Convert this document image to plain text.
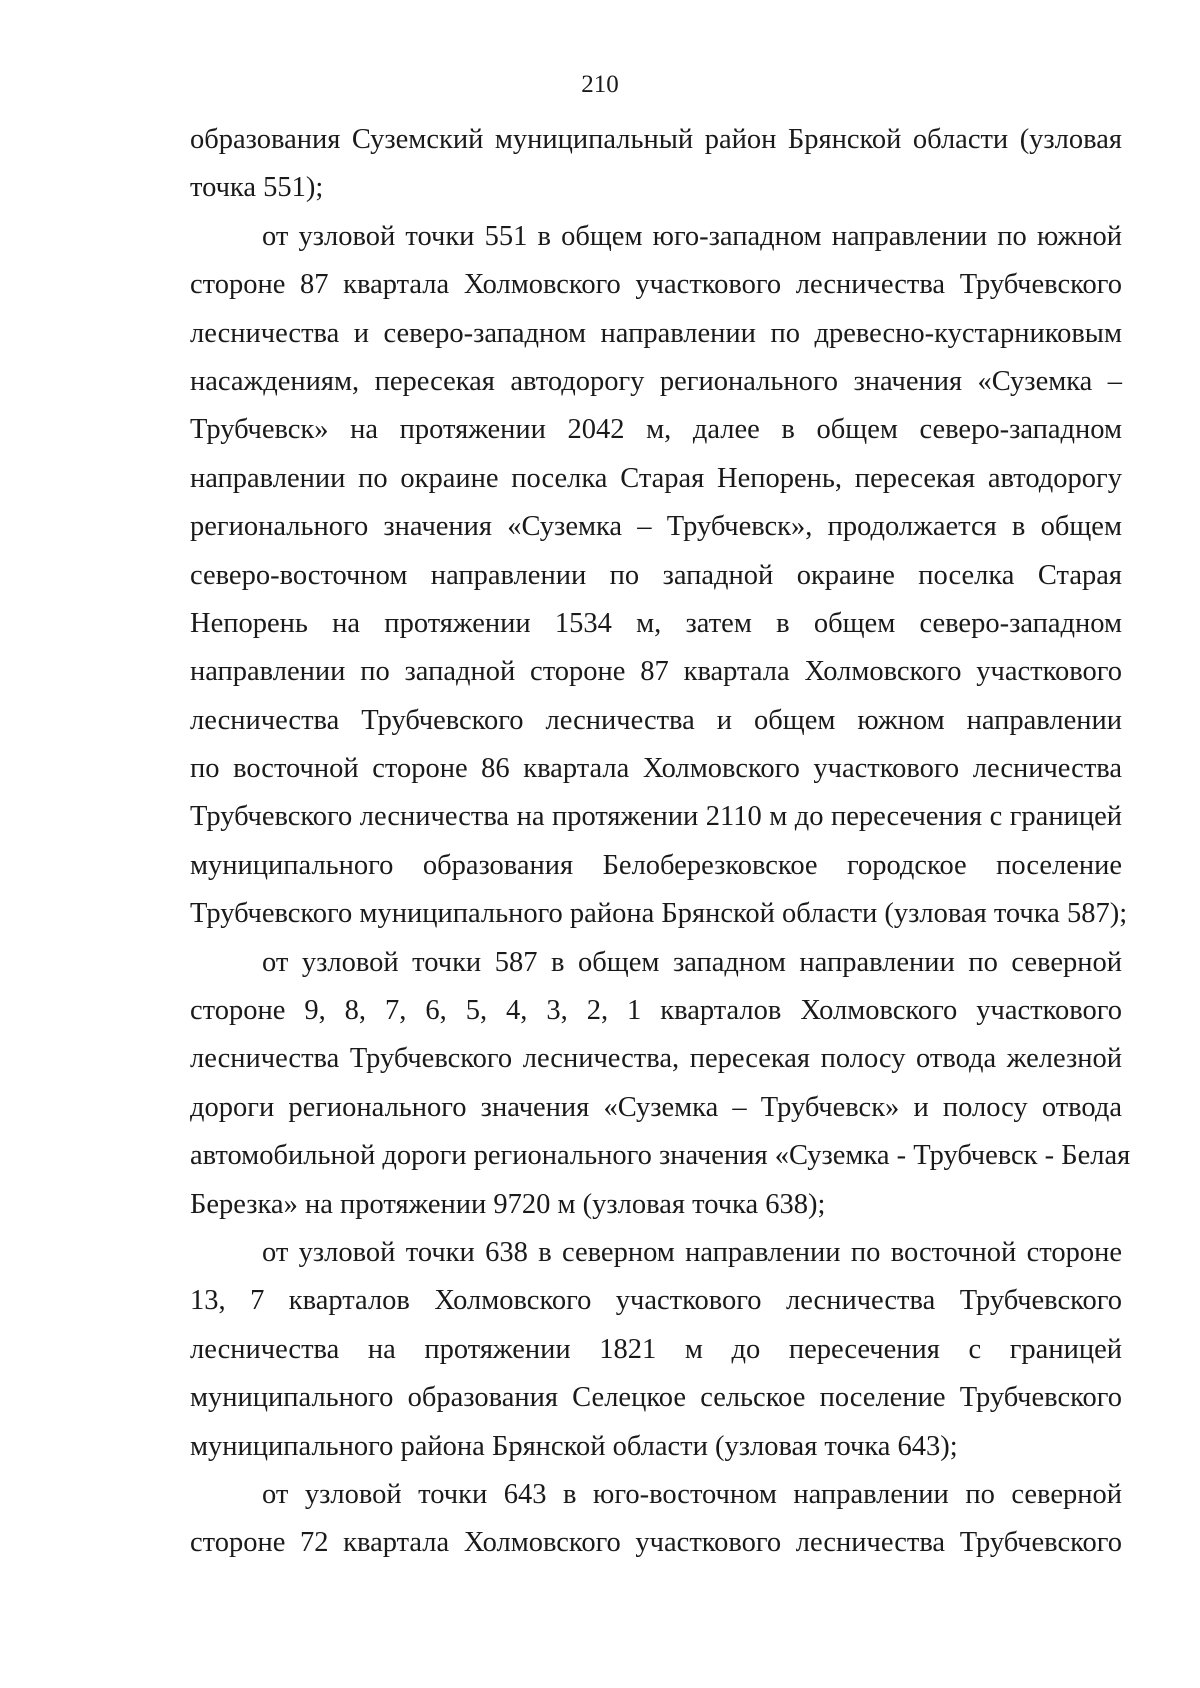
210
образования Суземский муниципальный район Брянской области (узловая
точка 551);
от узловой точки 551 в общем юго-западном направлении по южной
стороне 87 квартала Холмовского участкового лесничества Трубчевского
лесничества и северо-западном направлении по древесно-кустарниковым
насаждениям, пересекая автодорогу регионального значения «Суземка –
Трубчевск» на протяжении 2042 м, далее в общем северо-западном
направлении по окраине поселка Старая Непорень, пересекая автодорогу
регионального значения «Суземка – Трубчевск», продолжается в общем
северо-восточном направлении по западной окраине поселка Старая
Непорень на протяжении 1534 м, затем в общем северо-западном
направлении по западной стороне 87 квартала Холмовского участкового
лесничества Трубчевского лесничества и общем южном направлении
по восточной стороне 86 квартала Холмовского участкового лесничества
Трубчевского лесничества на протяжении 2110 м до пересечения с границей
муниципального образования Белоберезковское городское поселение
Трубчевского муниципального района Брянской области (узловая точка 587);
от узловой точки 587 в общем западном направлении по северной
стороне 9, 8, 7, 6, 5, 4, 3, 2, 1 кварталов Холмовского участкового
лесничества Трубчевского лесничества, пересекая полосу отвода железной
дороги регионального значения «Суземка – Трубчевск» и полосу отвода
автомобильной дороги регионального значения «Суземка - Трубчевск - Белая
Березка» на протяжении 9720 м (узловая точка 638);
от узловой точки 638 в северном направлении по восточной стороне
13, 7 кварталов Холмовского участкового лесничества Трубчевского
лесничества на протяжении 1821 м до пересечения с границей
муниципального образования Селецкое сельское поселение Трубчевского
муниципального района Брянской области (узловая точка 643);
от узловой точки 643 в юго-восточном направлении по северной
стороне 72 квартала Холмовского участкового лесничества Трубчевского
